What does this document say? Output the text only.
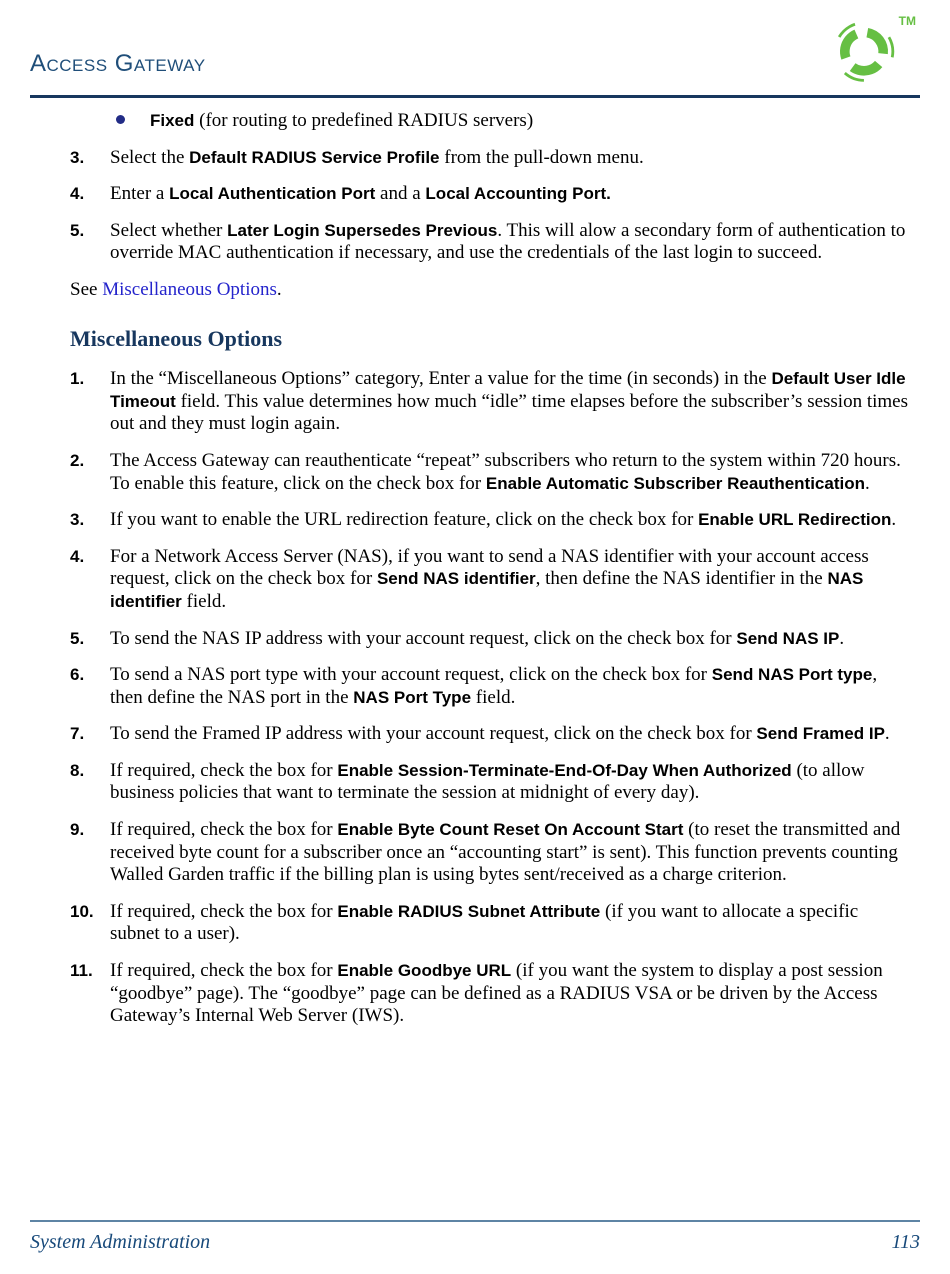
Access Gateway
TM
Fixed (for routing to predefined RADIUS servers)
3.	Select the Default RADIUS Service Profile from the pull-down menu.
4.	Enter a Local Authentication Port and a Local Accounting Port.
5.	Select whether Later Login Supersedes Previous. This will alow a secondary form of authentication to override MAC authentication if necessary, and use the credentials of the last login to succeed.

See Miscellaneous Options.

Miscellaneous Options
1.	In the “Miscellaneous Options” category, Enter a value for the time (in seconds) in the Default User Idle Timeout field. This value determines how much “idle” time elapses before the subscriber’s session times out and they must login again.
2.	The Access Gateway can reauthenticate “repeat” subscribers who return to the system within 720 hours. To enable this feature, click on the check box for Enable Automatic Subscriber Reauthentication.
3.	If you want to enable the URL redirection feature, click on the check box for Enable URL Redirection.
4.	For a Network Access Server (NAS), if you want to send a NAS identifier with your account access request, click on the check box for Send NAS identifier, then define the NAS identifier in the NAS identifier field.
5.	To send the NAS IP address with your account request, click on the check box for Send NAS IP.
6.	To send a NAS port type with your account request, click on the check box for Send NAS Port type, then define the NAS port in the NAS Port Type field.
7.	To send the Framed IP address with your account request, click on the check box for Send Framed IP.
8.	If required, check the box for Enable Session-Terminate-End-Of-Day When Authorized (to allow business policies that want to terminate the session at midnight of every day).
9.	If required, check the box for Enable Byte Count Reset On Account Start (to reset the transmitted and received byte count for a subscriber once an “accounting start” is sent). This function prevents counting Walled Garden traffic if the billing plan is using bytes sent/received as a charge criterion.
10. If required, check the box for Enable RADIUS Subnet Attribute (if you want to allocate a specific subnet to a user).
11. If required, check the box for Enable Goodbye URL (if you want the system to display a post session “goodbye” page). The “goodbye” page can be defined as a RADIUS VSA or be driven by the Access Gateway’s Internal Web Server (IWS).
System Administration	113
